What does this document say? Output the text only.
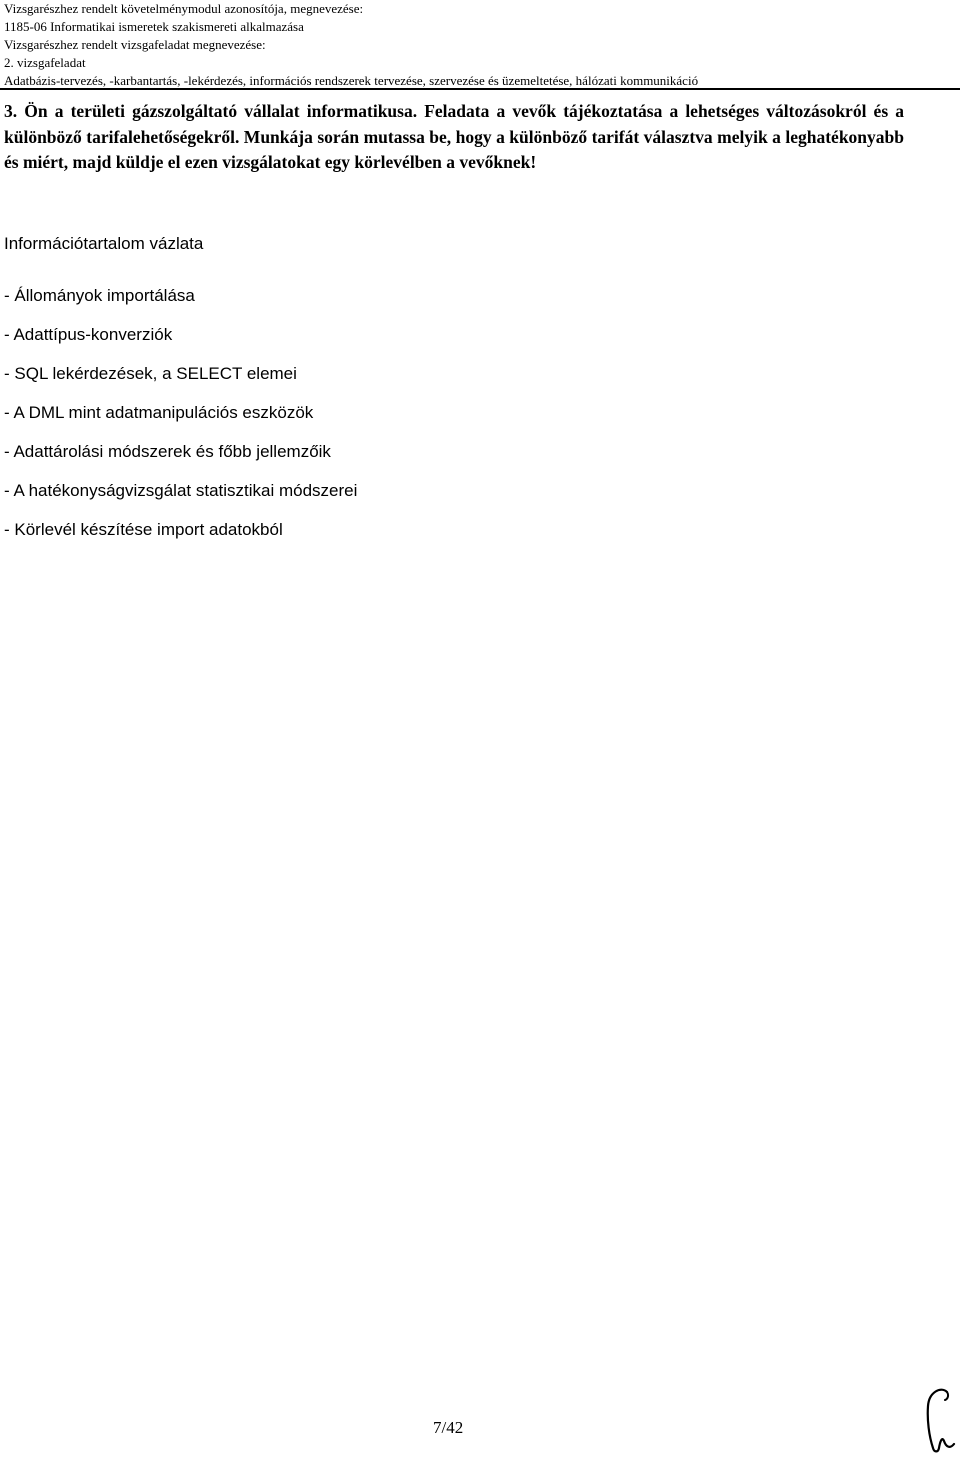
Vizsgarészhez rendelt követelménymodul azonosítója, megnevezése:
1185-06 Informatikai ismeretek szakismereti alkalmazása
Vizsgarészhez rendelt vizsgafeladat megnevezése:
2. vizsgafeladat
Adatbázis-tervezés, -karbantartás, -lekérdezés, információs rendszerek tervezése, szervezése és üzemeltetése, hálózati kommunikáció
3. Ön a területi gázszolgáltató vállalat informatikusa. Feladata a vevők tájékoztatása a lehetséges változásokról és a különböző tarifalehetőségekről. Munkája során mutassa be, hogy a különböző tarifát választva melyik a leghatékonyabb és miért, majd küldje el ezen vizsgálatokat egy körlevélben a vevőknek!
Információtartalom vázlata
- Állományok importálása
- Adattípus-konverziók
- SQL lekérdezések, a SELECT elemei
- A DML mint adatmanipulációs eszközök
- Adattárolási módszerek és főbb jellemzőik
- A hatékonyságvizsgálat statisztikai módszerei
- Körlevél készítése import adatokból
7/42
